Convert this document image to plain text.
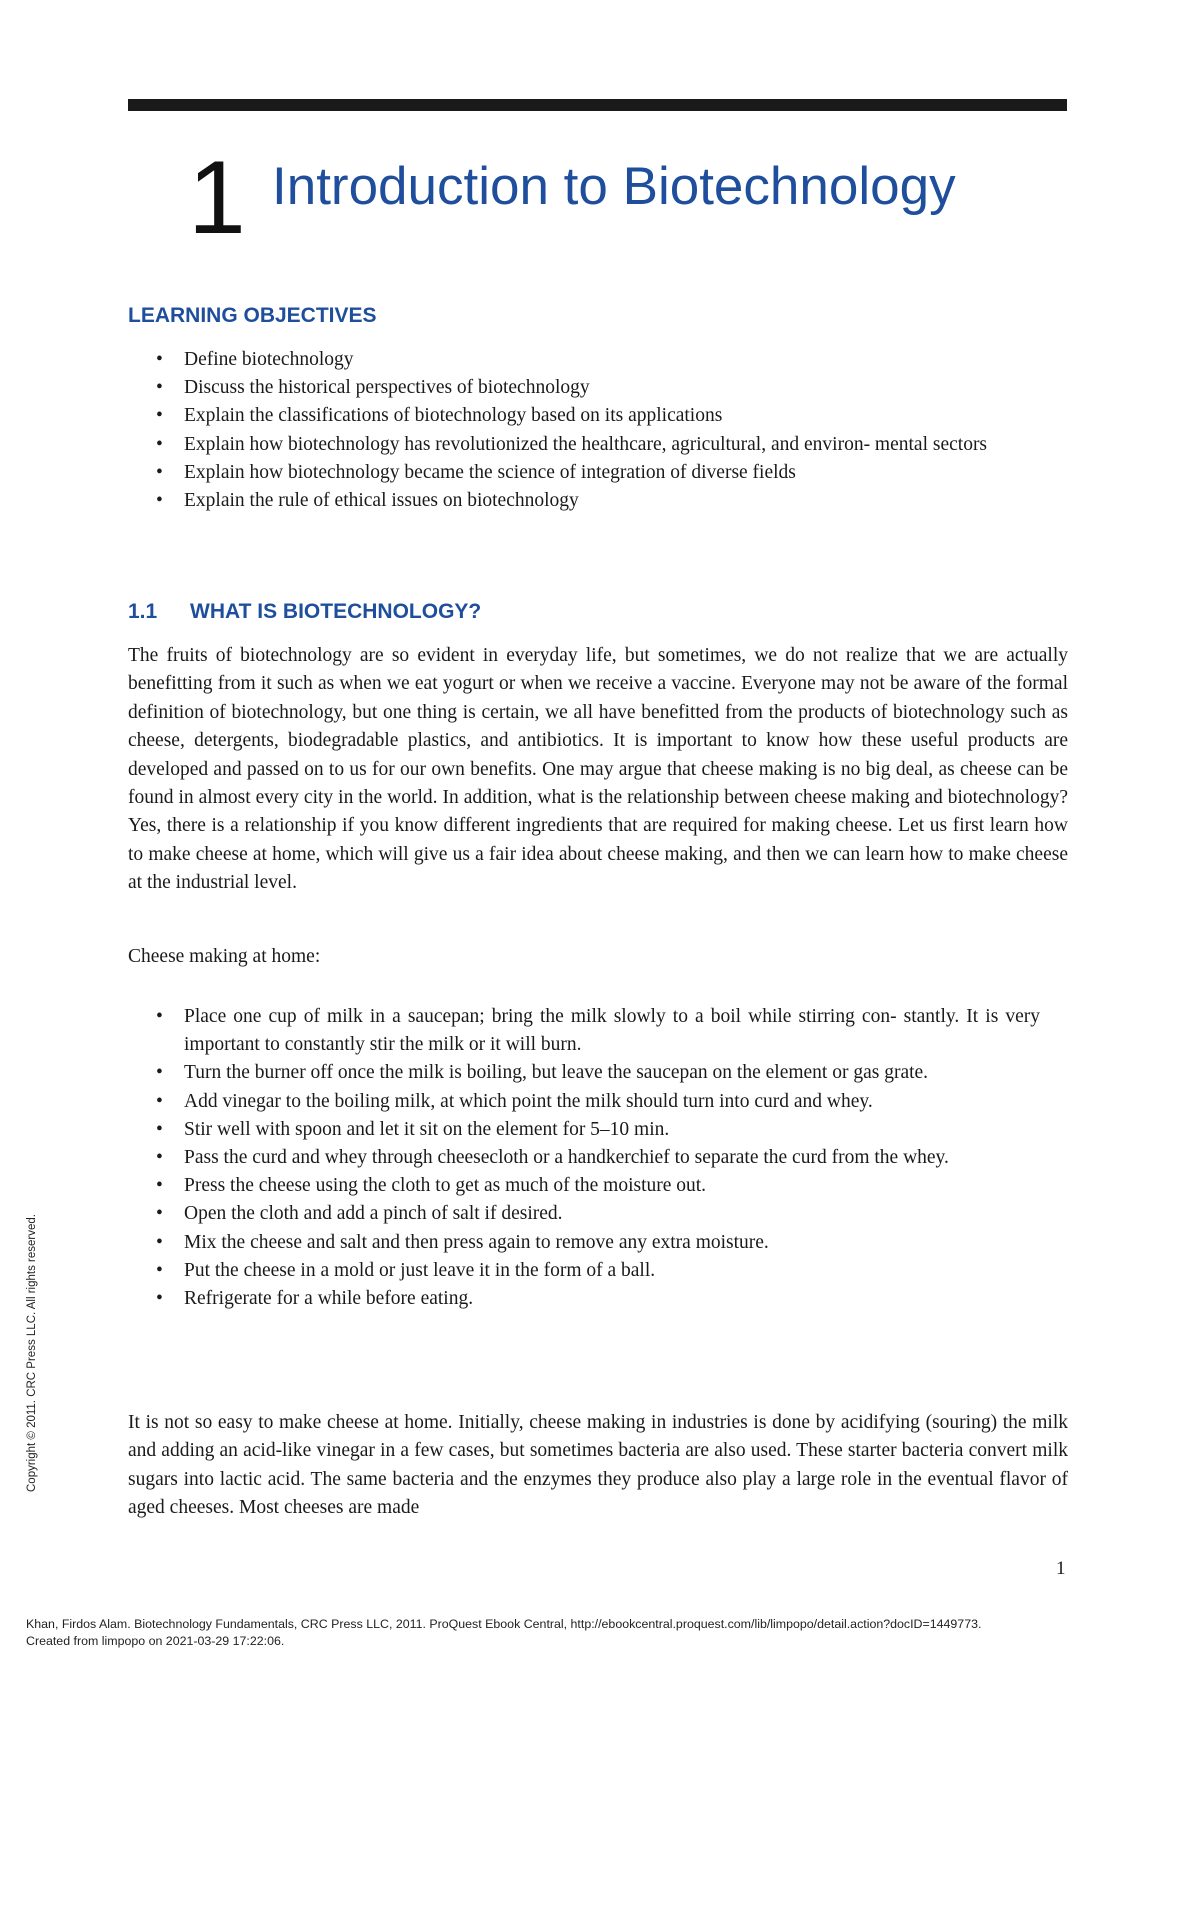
1 Introduction to Biotechnology
LEARNING OBJECTIVES
• Define biotechnology
• Discuss the historical perspectives of biotechnology
• Explain the classifications of biotechnology based on its applications
• Explain how biotechnology has revolutionized the healthcare, agricultural, and environ- mental sectors
• Explain how biotechnology became the science of integration of diverse fields
• Explain the rule of ethical issues on biotechnology
1.1 WHAT IS BIOTECHNOLOGY?

The fruits of biotechnology are so evident in everyday life, but sometimes, we do not realize that we are actually benefitting from it such as when we eat yogurt or when we receive a vaccine. Everyone may not be aware of the formal definition of biotechnology, but one thing is certain, we all have benefitted from the products of biotechnology such as cheese, detergents, biodegradable plastics, and antibiotics. It is important to know how these useful products are developed and passed on to us for our own benefits. One may argue that cheese making is no big deal, as cheese can be found in almost every city in the world. In addition, what is the relationship between cheese making and biotechnology? Yes, there is a relationship if you know different ingredients that are required for making cheese. Let us first learn how to make cheese at home, which will give us a fair idea about cheese making, and then we can learn how to make cheese at the industrial level.

Cheese making at home:

• Place one cup of milk in a saucepan; bring the milk slowly to a boil while stirring con- stantly. It is very important to constantly stir the milk or it will burn.
• Turn the burner off once the milk is boiling, but leave the saucepan on the element or gas grate.
• Add vinegar to the boiling milk, at which point the milk should turn into curd and whey.
• Stir well with spoon and let it sit on the element for 5–10 min.
• Pass the curd and whey through cheesecloth or a handkerchief to separate the curd from the whey.
• Press the cheese using the cloth to get as much of the moisture out.
• Open the cloth and add a pinch of salt if desired.
• Mix the cheese and salt and then press again to remove any extra moisture.
• Put the cheese in a mold or just leave it in the form of a ball.
• Refrigerate for a while before eating.

It is not so easy to make cheese at home. Initially, cheese making in industries is done by acidifying (souring) the milk and adding an acid-like vinegar in a few cases, but sometimes bacteria are also used. These starter bacteria convert milk sugars into lactic acid. The same bacteria and the enzymes they produce also play a large role in the eventual flavor of aged cheeses. Most cheeses are made

Copyright © 2011. CRC Press LLC. All rights reserved.
1
Khan, Firdos Alam. Biotechnology Fundamentals, CRC Press LLC, 2011. ProQuest Ebook Central, http://ebookcentral.proquest.com/lib/limpopo/detail.action?docID=1449773.
Created from limpopo on 2021-03-29 17:22:06.
